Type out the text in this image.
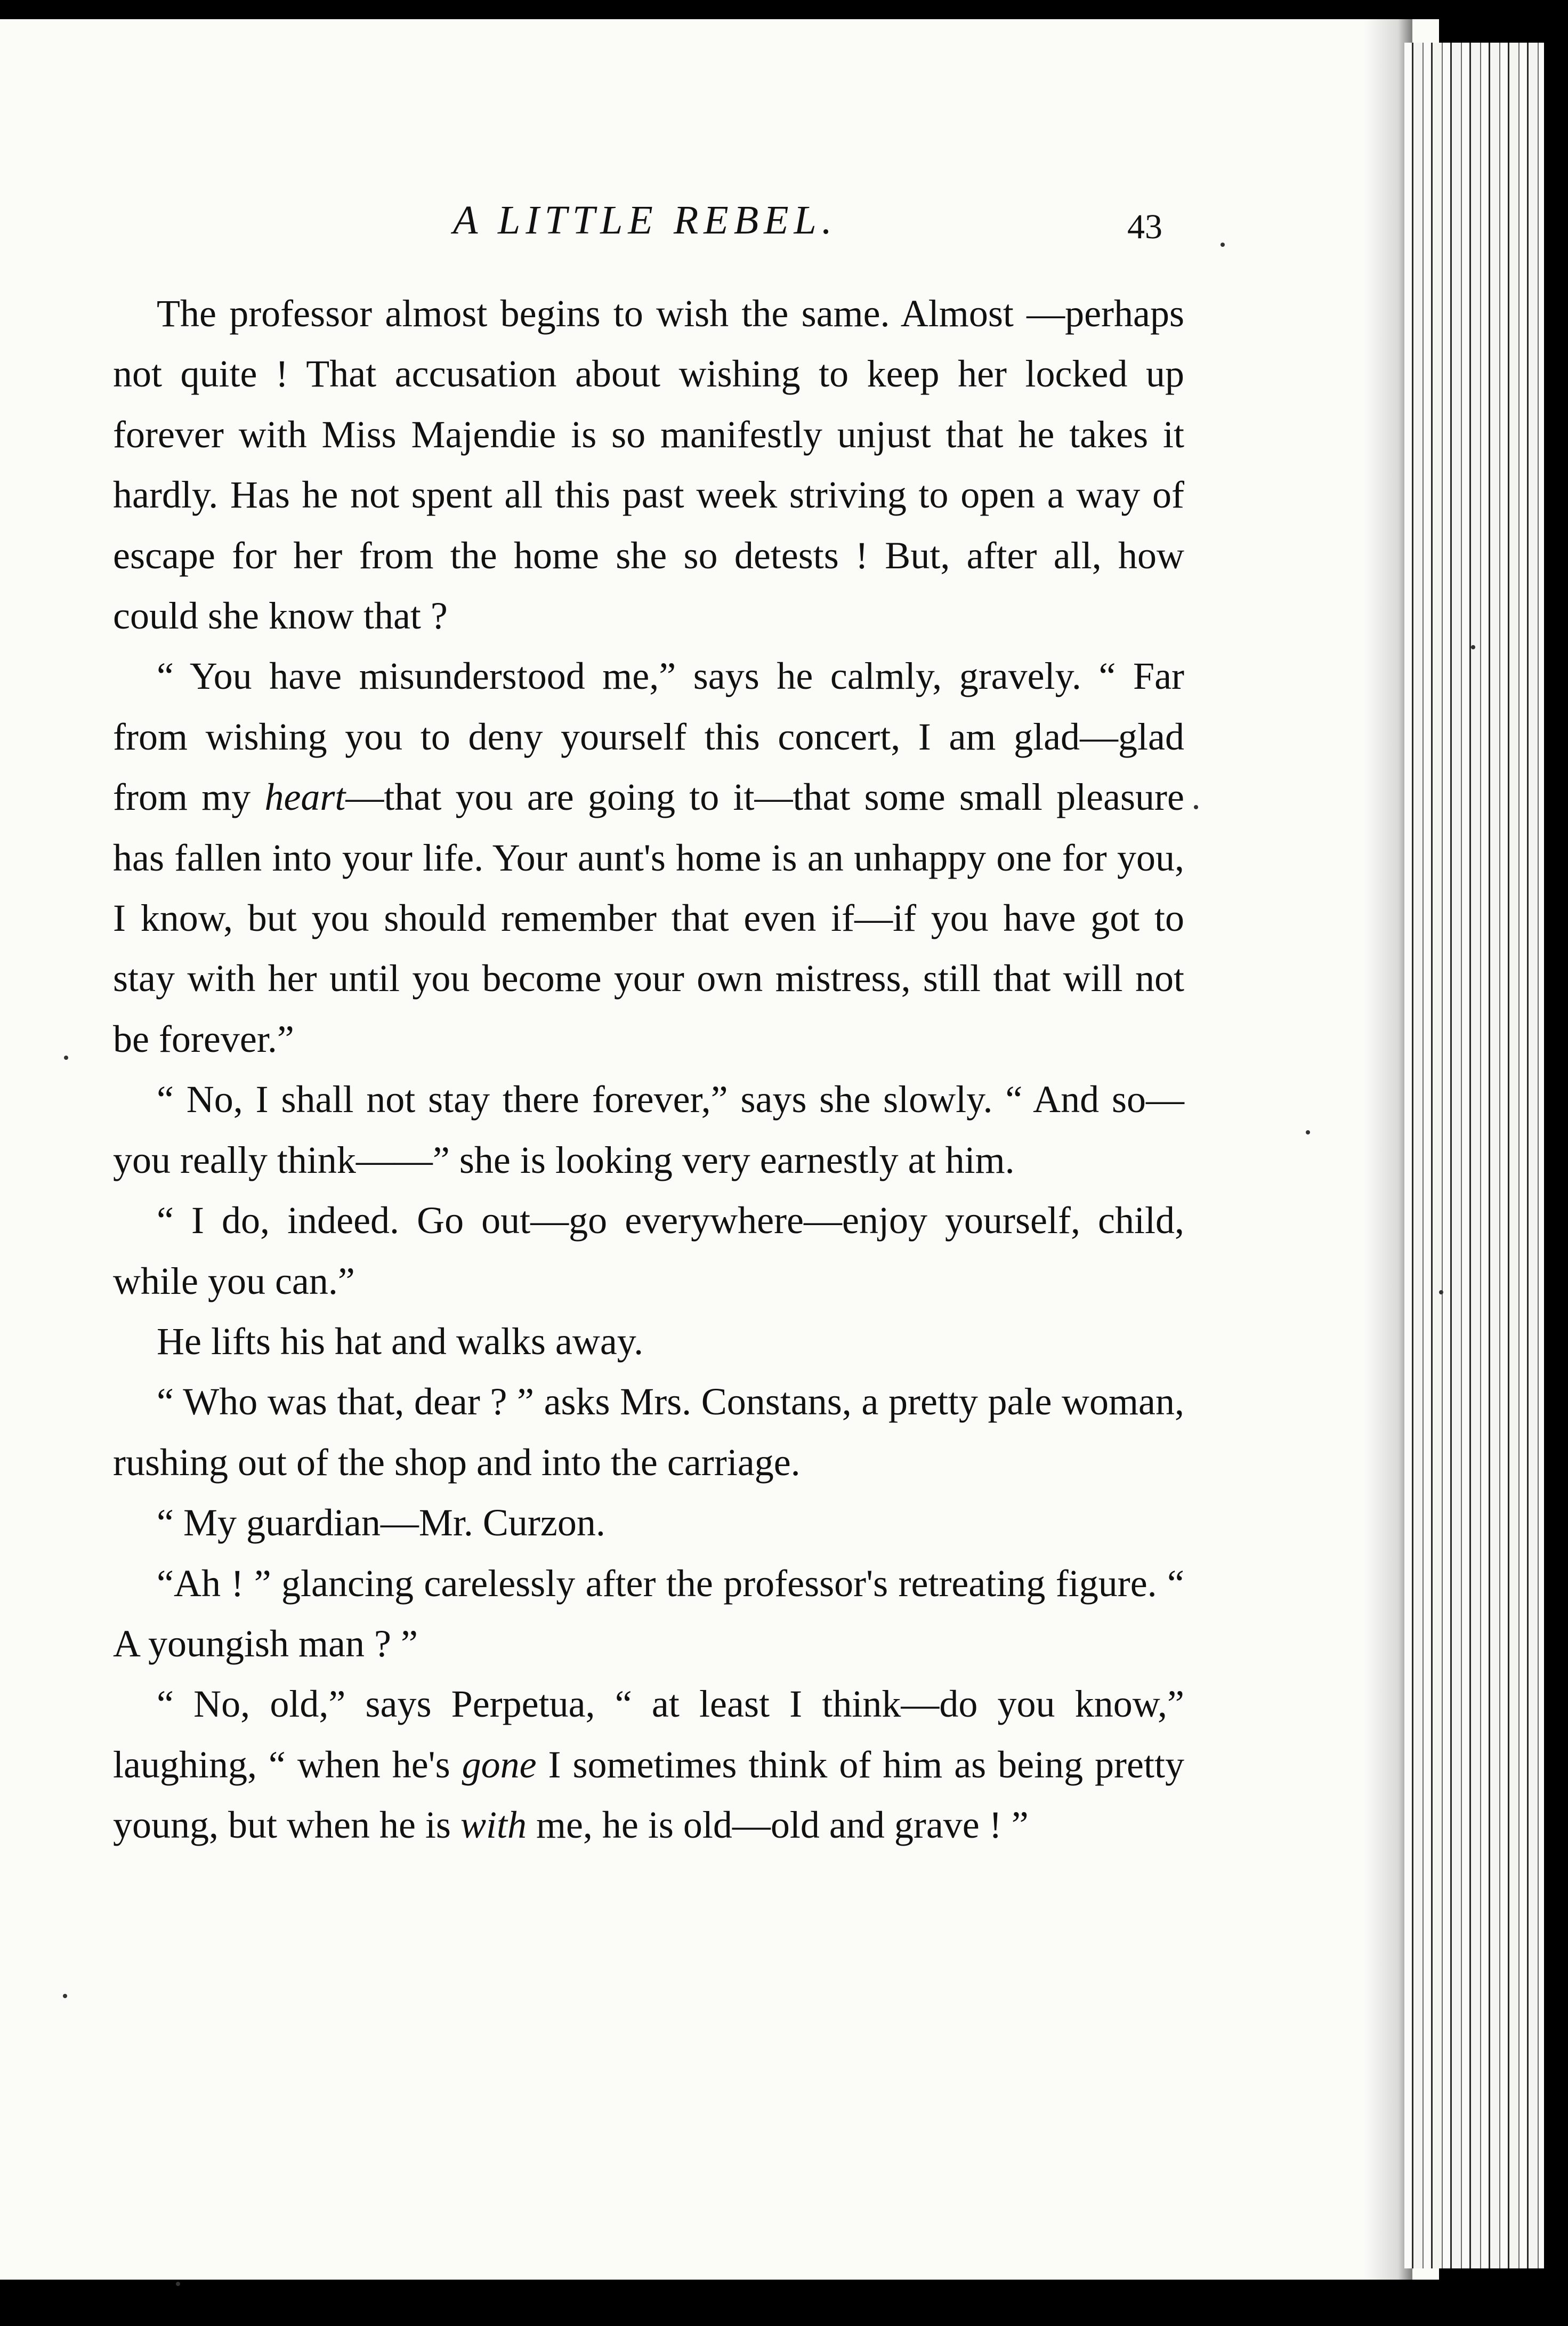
A LITTLE REBEL.	43

The professor almost begins to wish the same. Almost —perhaps not quite ! That accusation about wishing to keep her locked up forever with Miss Majendie is so manifestly unjust that he takes it hardly. Has he not spent all this past week striving to open a way of escape for her from the home she so detests ! But, after all, how could she know that ?

“ You have misunderstood me,” says he calmly, gravely. “ Far from wishing you to deny yourself this concert, I am glad—glad from my heart—that you are going to it—that some small pleasure has fallen into your life. Your aunt's home is an unhappy one for you, I know, but you should remember that even if—if you have got to stay with her until you become your own mistress, still that will not be forever.”

“ No, I shall not stay there forever,” says she slowly. “ And so—you really think——” she is looking very earnestly at him.

“ I do, indeed. Go out—go everywhere—enjoy yourself, child, while you can.”

He lifts his hat and walks away.

“ Who was that, dear ? ” asks Mrs. Constans, a pretty pale woman, rushing out of the shop and into the carriage.

“ My guardian—Mr. Curzon.

“Ah ! ” glancing carelessly after the professor's retreating figure. “ A youngish man ? ”

“ No, old,” says Perpetua, “ at least I think—do you know,” laughing, “ when he's gone I sometimes think of him as being pretty young, but when he is with me, he is old—old and grave ! ”
